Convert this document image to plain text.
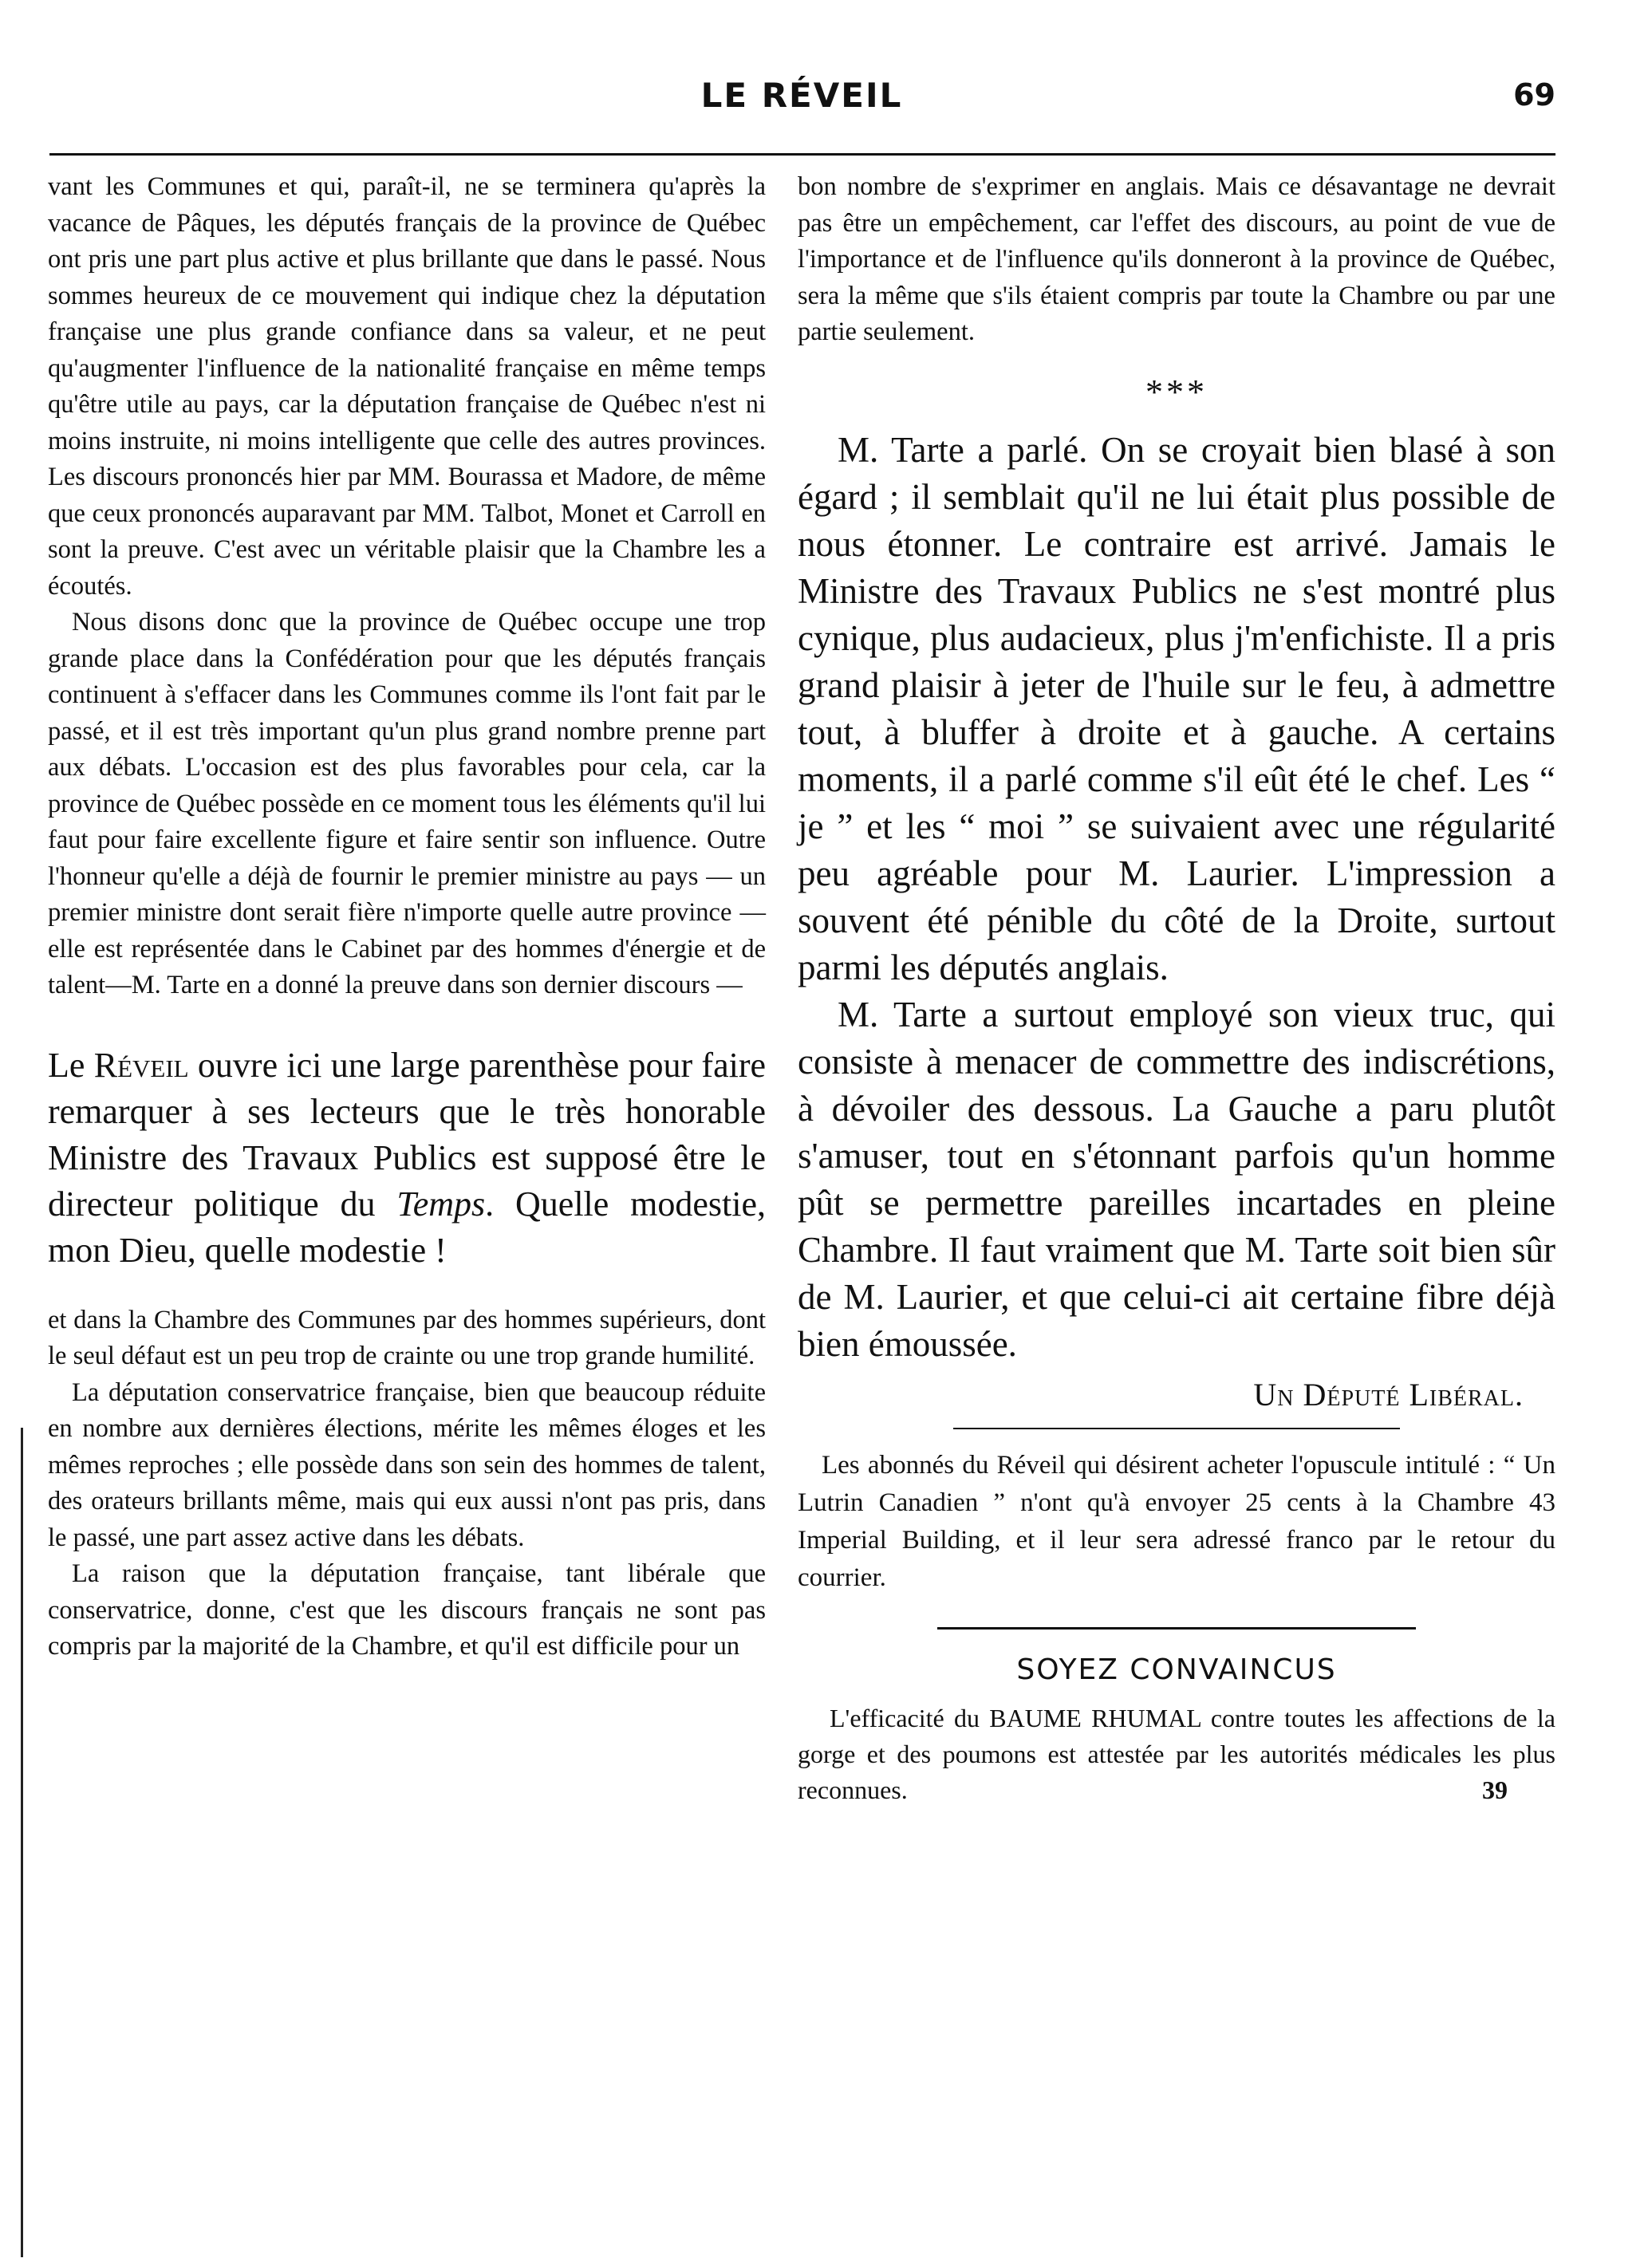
LE RÉVEIL	69

vant les Communes et qui, paraît-il, ne se terminera qu'après la vacance de Pâques, les députés français de la province de Québec ont pris une part plus active et plus brillante que dans le passé. Nous sommes heureux de ce mouvement qui indique chez la députation française une plus grande confiance dans sa valeur, et ne peut qu'augmenter l'influence de la nationalité française en même temps qu'être utile au pays, car la députation française de Québec n'est ni moins instruite, ni moins intelligente que celle des autres provinces. Les discours prononcés hier par MM. Bourassa et Madore, de même que ceux prononcés auparavant par MM. Talbot, Monet et Carroll en sont la preuve. C'est avec un véritable plaisir que la Chambre les a écoutés.

Nous disons donc que la province de Québec occupe une trop grande place dans la Confédération pour que les députés français continuent à s'effacer dans les Communes comme ils l'ont fait par le passé, et il est très important qu'un plus grand nombre prenne part aux débats. L'occasion est des plus favorables pour cela, car la province de Québec possède en ce moment tous les éléments qu'il lui faut pour faire excellente figure et faire sentir son influence. Outre l'honneur qu'elle a déjà de fournir le premier ministre au pays — un premier ministre dont serait fière n'importe quelle autre province — elle est représentée dans le Cabinet par des hommes d'énergie et de talent—M. Tarte en a donné la preuve dans son dernier discours —

Le Réveil ouvre ici une large parenthèse pour faire remarquer à ses lecteurs que le très honorable Ministre des Travaux Publics est supposé être le directeur politique du Temps. Quelle modestie, mon Dieu, quelle modestie !

et dans la Chambre des Communes par des hommes supérieurs, dont le seul défaut est un peu trop de crainte ou une trop grande humilité.

La députation conservatrice française, bien que beaucoup réduite en nombre aux dernières élections, mérite les mêmes éloges et les mêmes reproches ; elle possède dans son sein des hommes de talent, des orateurs brillants même, mais qui eux aussi n'ont pas pris, dans le passé, une part assez active dans les débats.

La raison que la députation française, tant libérale que conservatrice, donne, c'est que les discours français ne sont pas compris par la majorité de la Chambre, et qu'il est difficile pour un

bon nombre de s'exprimer en anglais. Mais ce désavantage ne devrait pas être un empêchement, car l'effet des discours, au point de vue de l'importance et de l'influence qu'ils donneront à la province de Québec, sera la même que s'ils étaient compris par toute la Chambre ou par une partie seulement.

***

M. Tarte a parlé. On se croyait bien blasé à son égard ; il semblait qu'il ne lui était plus possible de nous étonner. Le contraire est arrivé. Jamais le Ministre des Travaux Publics ne s'est montré plus cynique, plus audacieux, plus j'm'enfichiste. Il a pris grand plaisir à jeter de l'huile sur le feu, à admettre tout, à bluffer à droite et à gauche. A certains moments, il a parlé comme s'il eût été le chef. Les “ je ” et les “ moi ” se suivaient avec une régularité peu agréable pour M. Laurier. L'impression a souvent été pénible du côté de la Droite, surtout parmi les députés anglais.

M. Tarte a surtout employé son vieux truc, qui consiste à menacer de commettre des indiscrétions, à dévoiler des dessous. La Gauche a paru plutôt s'amuser, tout en s'étonnant parfois qu'un homme pût se permettre pareilles incartades en pleine Chambre. Il faut vraiment que M. Tarte soit bien sûr de M. Laurier, et que celui-ci ait certaine fibre déjà bien émoussée.

Un Député Libéral.

Les abonnés du Réveil qui désirent acheter l'opuscule intitulé : “ Un Lutrin Canadien ” n'ont qu'à envoyer 25 cents à la Chambre 43 Imperial Building, et il leur sera adressé franco par le retour du courrier.

SOYEZ CONVAINCUS

L'efficacité du BAUME RHUMAL contre toutes les affections de la gorge et des poumons est attestée par les autorités médicales les plus reconnues.	39
